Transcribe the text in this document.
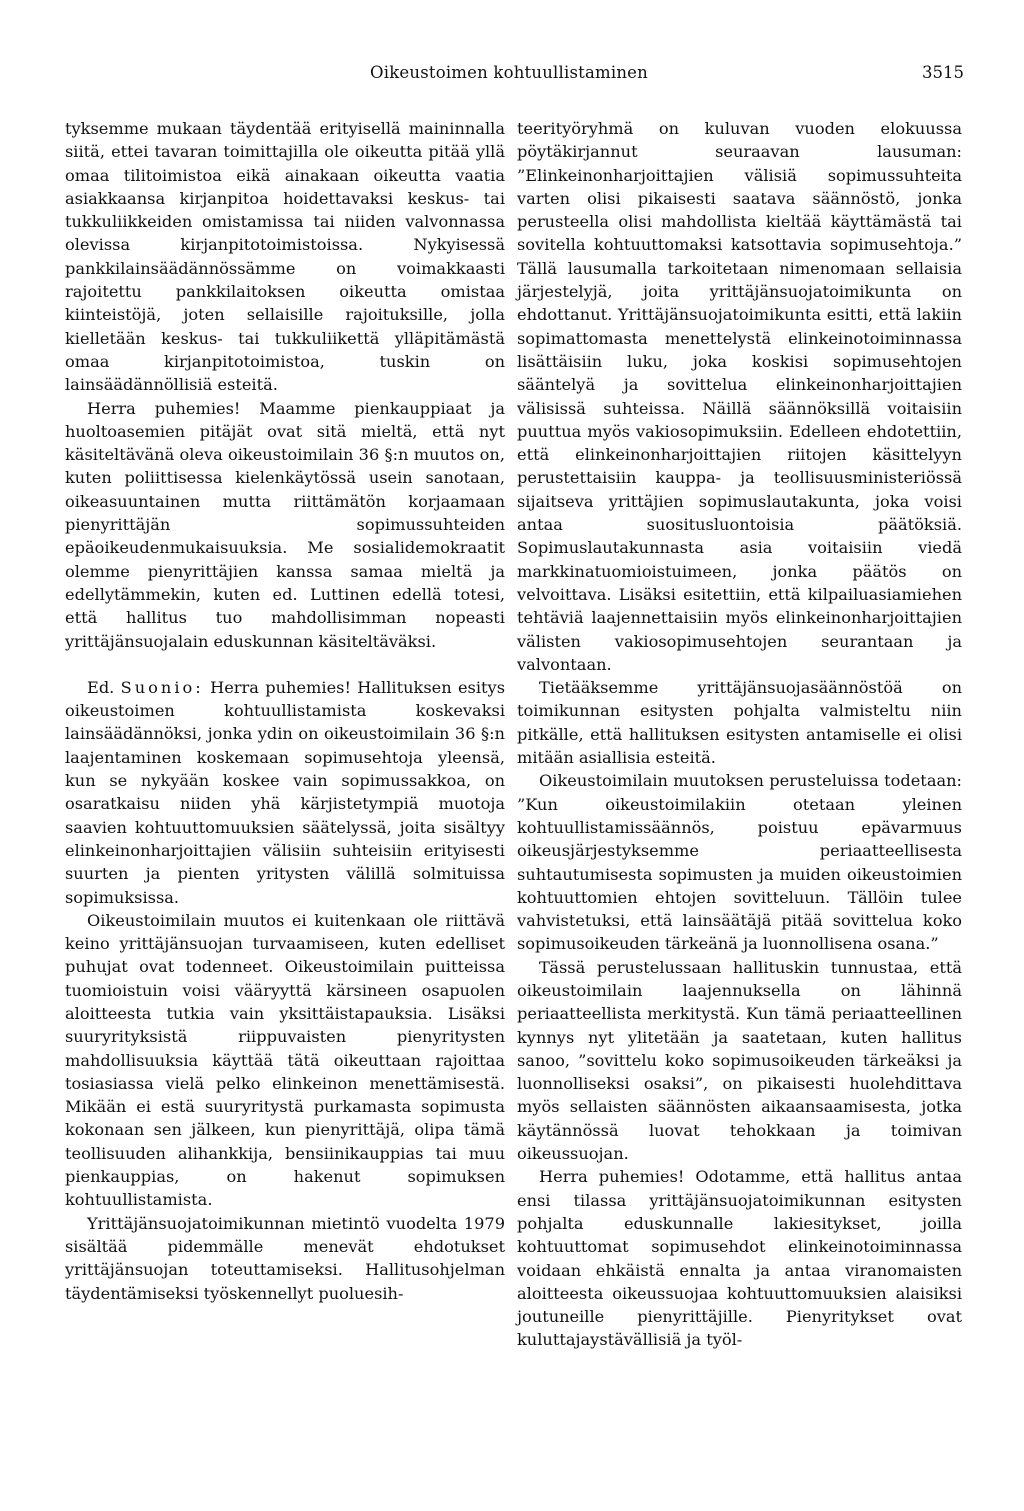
Oikeustoimen kohtuullistaminen	3515

tyksemme mukaan täydentää erityisellä maininnalla siitä, ettei tavaran toimittajilla ole oikeutta pitää yllä omaa tilitoimistoa eikä ainakaan oikeutta vaatia asiakkaansa kirjanpitoa hoidettavaksi keskus- tai tukkuliikkeiden omistamissa tai niiden valvonnassa olevissa kirjanpitotoimistoissa. Nykyisessä pankkilainsäädännössämme on voimakkaasti rajoitettu pankkilaitoksen oikeutta omistaa kiinteistöjä, joten sellaisille rajoituksille, jolla kielletään keskus- tai tukkuliikettä ylläpitämästä omaa kirjanpitotoimistoa, tuskin on lainsäädännöllisiä esteitä.

Herra puhemies! Maamme pienkauppiaat ja huoltoasemien pitäjät ovat sitä mieltä, että nyt käsiteltävänä oleva oikeustoimilain 36 §:n muutos on, kuten poliittisessa kielenkäytössä usein sanotaan, oikeasuuntainen mutta riittämätön korjaamaan pienyrittäjän sopimussuhteiden epäoikeudenmukaisuuksia. Me sosialidemokraatit olemme pienyrittäjien kanssa samaa mieltä ja edellytämmekin, kuten ed. Luttinen edellä totesi, että hallitus tuo mahdollisimman nopeasti yrittäjänsuojalain eduskunnan käsiteltäväksi.

Ed. Suonio: Herra puhemies! Hallituksen esitys oikeustoimen kohtuullistamista koskevaksi lainsäädännöksi, jonka ydin on oikeustoimilain 36 §:n laajentaminen koskemaan sopimusehtoja yleensä, kun se nykyään koskee vain sopimussakkoa, on osaratkaisu niiden yhä kärjistetympiä muotoja saavien kohtuuttomuuksien säätelyssä, joita sisältyy elinkeinonharjoittajien välisiin suhteisiin erityisesti suurten ja pienten yritysten välillä solmituissa sopimuksissa.

Oikeustoimilain muutos ei kuitenkaan ole riittävä keino yrittäjänsuojan turvaamiseen, kuten edelliset puhujat ovat todenneet. Oikeustoimilain puitteissa tuomioistuin voisi vääryyttä kärsineen osapuolen aloitteesta tutkia vain yksittäistapauksia. Lisäksi suuryrityksistä riippuvaisten pienyritysten mahdollisuuksia käyttää tätä oikeuttaan rajoittaa tosiasiassa vielä pelko elinkeinon menettämisestä. Mikään ei estä suuryritystä purkamasta sopimusta kokonaan sen jälkeen, kun pienyrittäjä, olipa tämä teollisuuden alihankkija, bensiinikauppias tai muu pienkauppias, on hakenut sopimuksen kohtuullistamista.

Yrittäjänsuojatoimikunnan mietintö vuodelta 1979 sisältää pidemmälle menevät ehdotukset yrittäjänsuojan toteuttamiseksi. Hallitusohjelman täydentämiseksi työskennellyt puoluesih-

teerityöryhmä on kuluvan vuoden elokuussa pöytäkirjannut seuraavan lausuman: ”Elinkeinonharjoittajien välisiä sopimussuhteita varten olisi pikaisesti saatava säännöstö, jonka perusteella olisi mahdollista kieltää käyttämästä tai sovitella kohtuuttomaksi katsottavia sopimusehtoja.” Tällä lausumalla tarkoitetaan nimenomaan sellaisia järjestelyjä, joita yrittäjänsuojatoimikunta on ehdottanut. Yrittäjänsuojatoimikunta esitti, että lakiin sopimattomasta menettelystä elinkeinotoiminnassa lisättäisiin luku, joka koskisi sopimusehtojen sääntelyä ja sovittelua elinkeinonharjoittajien välisissä suhteissa. Näillä säännöksillä voitaisiin puuttua myös vakiosopimuksiin. Edelleen ehdotettiin, että elinkeinonharjoittajien riitojen käsittelyyn perustettaisiin kauppa- ja teollisuusministeriössä sijaitseva yrittäjien sopimuslautakunta, joka voisi antaa suositusluontoisia päätöksiä. Sopimuslautakunnasta asia voitaisiin viedä markkinatuomioistuimeen, jonka päätös on velvoittava. Lisäksi esitettiin, että kilpailuasiamiehen tehtäviä laajennettaisiin myös elinkeinonharjoittajien välisten vakiosopimusehtojen seurantaan ja valvontaan.

Tietääksemme yrittäjänsuojasäännöstöä on toimikunnan esitysten pohjalta valmisteltu niin pitkälle, että hallituksen esitysten antamiselle ei olisi mitään asiallisia esteitä.

Oikeustoimilain muutoksen perusteluissa todetaan: ”Kun oikeustoimilakiin otetaan yleinen kohtuullistamissäännös, poistuu epävarmuus oikeusjärjestyksemme periaatteellisesta suhtautumisesta sopimusten ja muiden oikeustoimien kohtuuttomien ehtojen sovitteluun. Tällöin tulee vahvistetuksi, että lainsäätäjä pitää sovittelua koko sopimusoikeuden tärkeänä ja luonnollisena osana.”

Tässä perustelussaan hallituskin tunnustaa, että oikeustoimilain laajennuksella on lähinnä periaatteellista merkitystä. Kun tämä periaatteellinen kynnys nyt ylitetään ja saatetaan, kuten hallitus sanoo, ”sovittelu koko sopimusoikeuden tärkeäksi ja luonnolliseksi osaksi”, on pikaisesti huolehdittava myös sellaisten säännösten aikaansaamisesta, jotka käytännössä luovat tehokkaan ja toimivan oikeussuojan.

Herra puhemies! Odotamme, että hallitus antaa ensi tilassa yrittäjänsuojatoimikunnan esitysten pohjalta eduskunnalle lakiesitykset, joilla kohtuuttomat sopimusehdot elinkeinotoiminnassa voidaan ehkäistä ennalta ja antaa viranomaisten aloitteesta oikeussuojaa kohtuuttomuuksien alaisiksi joutuneille pienyrittäjille. Pienyritykset ovat kuluttajaystävällisiä ja työl-
